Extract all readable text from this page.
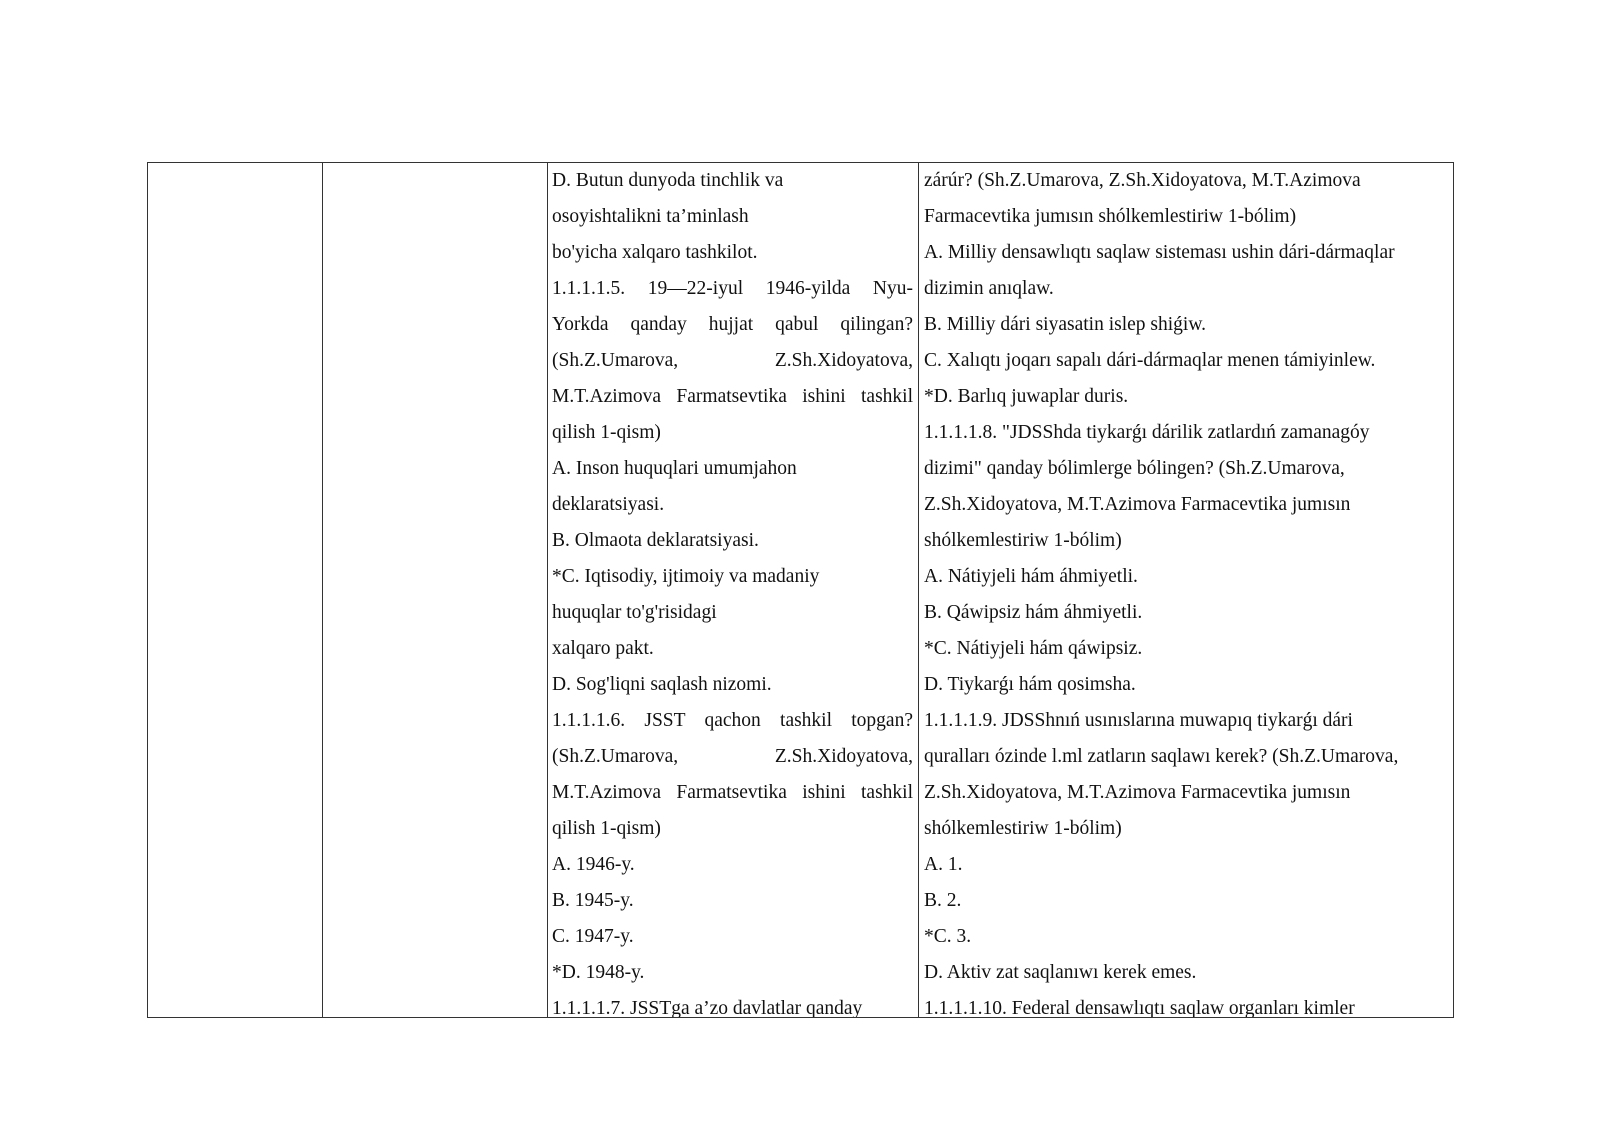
D. Butun dunyoda tinchlik va
osoyishtalikni ta’minlash
bo'yicha xalqaro tashkilot.
1.1.1.1.5. 19—22-iyul 1946-yilda Nyu-
Yorkda qanday hujjat qabul qilingan?
(Sh.Z.Umarova, Z.Sh.Xidoyatova,
M.T.Azimova Farmatsevtika ishini tashkil
qilish 1-qism)
A. Inson huquqlari umumjahon
deklaratsiyasi.
B. Olmaota deklaratsiyasi.
*C. Iqtisodiy, ijtimoiy va madaniy
huquqlar to'g'risidagi
xalqaro pakt.
D. Sog'liqni saqlash nizomi.
1.1.1.1.6. JSST qachon tashkil topgan?
(Sh.Z.Umarova, Z.Sh.Xidoyatova,
M.T.Azimova Farmatsevtika ishini tashkil
qilish 1-qism)
A. 1946-y.
B. 1945-y.
C. 1947-y.
*D. 1948-y.
1.1.1.1.7. JSSTga a’zo davlatlar qanday
zárúr? (Sh.Z.Umarova, Z.Sh.Xidoyatova, M.T.Azimova
Farmacevtika jumısın shólkemlestiriw 1-bólim)
A. Milliy densawlıqtı saqlaw sisteması ushin dári-dármaqlar
dizimin anıqlaw.
B. Milliy dári siyasatin islep shiǵiw.
C. Xalıqtı joqarı sapalı dári-dármaqlar menen támiyinlew.
*D. Barlıq juwaplar duris.
1.1.1.1.8. "JDSShda tiykarǵı dárilik zatlardıń zamanagóy
dizimi" qanday bólimlerge bólingen? (Sh.Z.Umarova,
Z.Sh.Xidoyatova, M.T.Azimova Farmacevtika jumısın
shólkemlestiriw 1-bólim)
A. Nátiyjeli hám áhmiyetli.
B. Qáwipsiz hám áhmiyetli.
*C. Nátiyjeli hám qáwipsiz.
D. Tiykarǵı hám qosimsha.
1.1.1.1.9. JDSShnıń usınıslarına muwapıq tiykarǵı dári
quralları ózinde l.ml zatların saqlawı kerek? (Sh.Z.Umarova,
Z.Sh.Xidoyatova, M.T.Azimova Farmacevtika jumısın
shólkemlestiriw 1-bólim)
A. 1.
B. 2.
*C. 3.
D. Aktiv zat saqlanıwı kerek emes.
1.1.1.1.10. Federal densawlıqtı saqlaw organları kimler
